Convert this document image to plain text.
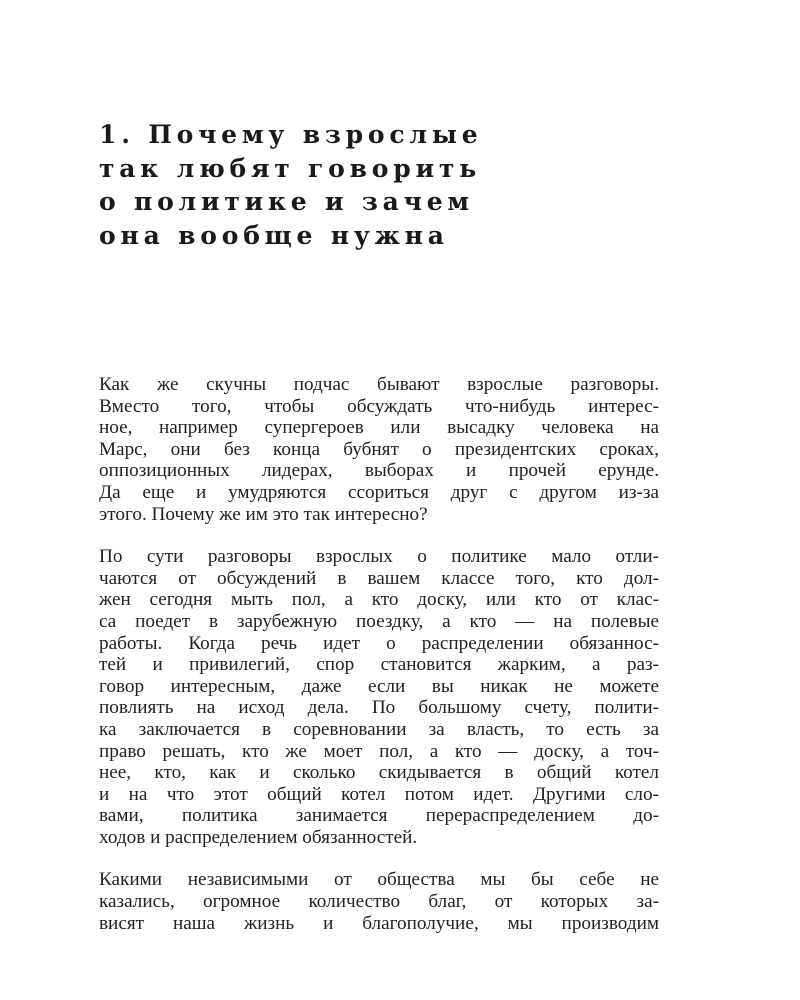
1. Почему взрослые
так любят говорить
о политике и зачем
она вообще нужна

Как же скучны подчас бывают взрослые разговоры.
Вместо того, чтобы обсуждать что-нибудь интерес-
ное, например супергероев или высадку человека на
Марс, они без конца бубнят о президентских сроках,
оппозиционных лидерах, выборах и прочей ерунде.
Да еще и умудряются ссориться друг с другом из-за
этого. Почему же им это так интересно?

По сути разговоры взрослых о политике мало отли-
чаются от обсуждений в вашем классе того, кто дол-
жен сегодня мыть пол, а кто доску, или кто от клас-
са поедет в зарубежную поездку, а кто — на полевые
работы. Когда речь идет о распределении обязаннос-
тей и привилегий, спор становится жарким, а раз-
говор интересным, даже если вы никак не можете
повлиять на исход дела. По большому счету, полити-
ка заключается в соревновании за власть, то есть за
право решать, кто же моет пол, а кто — доску, а точ-
нее, кто, как и сколько скидывается в общий котел
и на что этот общий котел потом идет. Другими сло-
вами, политика занимается перераспределением до-
ходов и распределением обязанностей.

Какими независимыми от общества мы бы себе не
казались, огромное количество благ, от которых за-
висят наша жизнь и благополучие, мы производим
